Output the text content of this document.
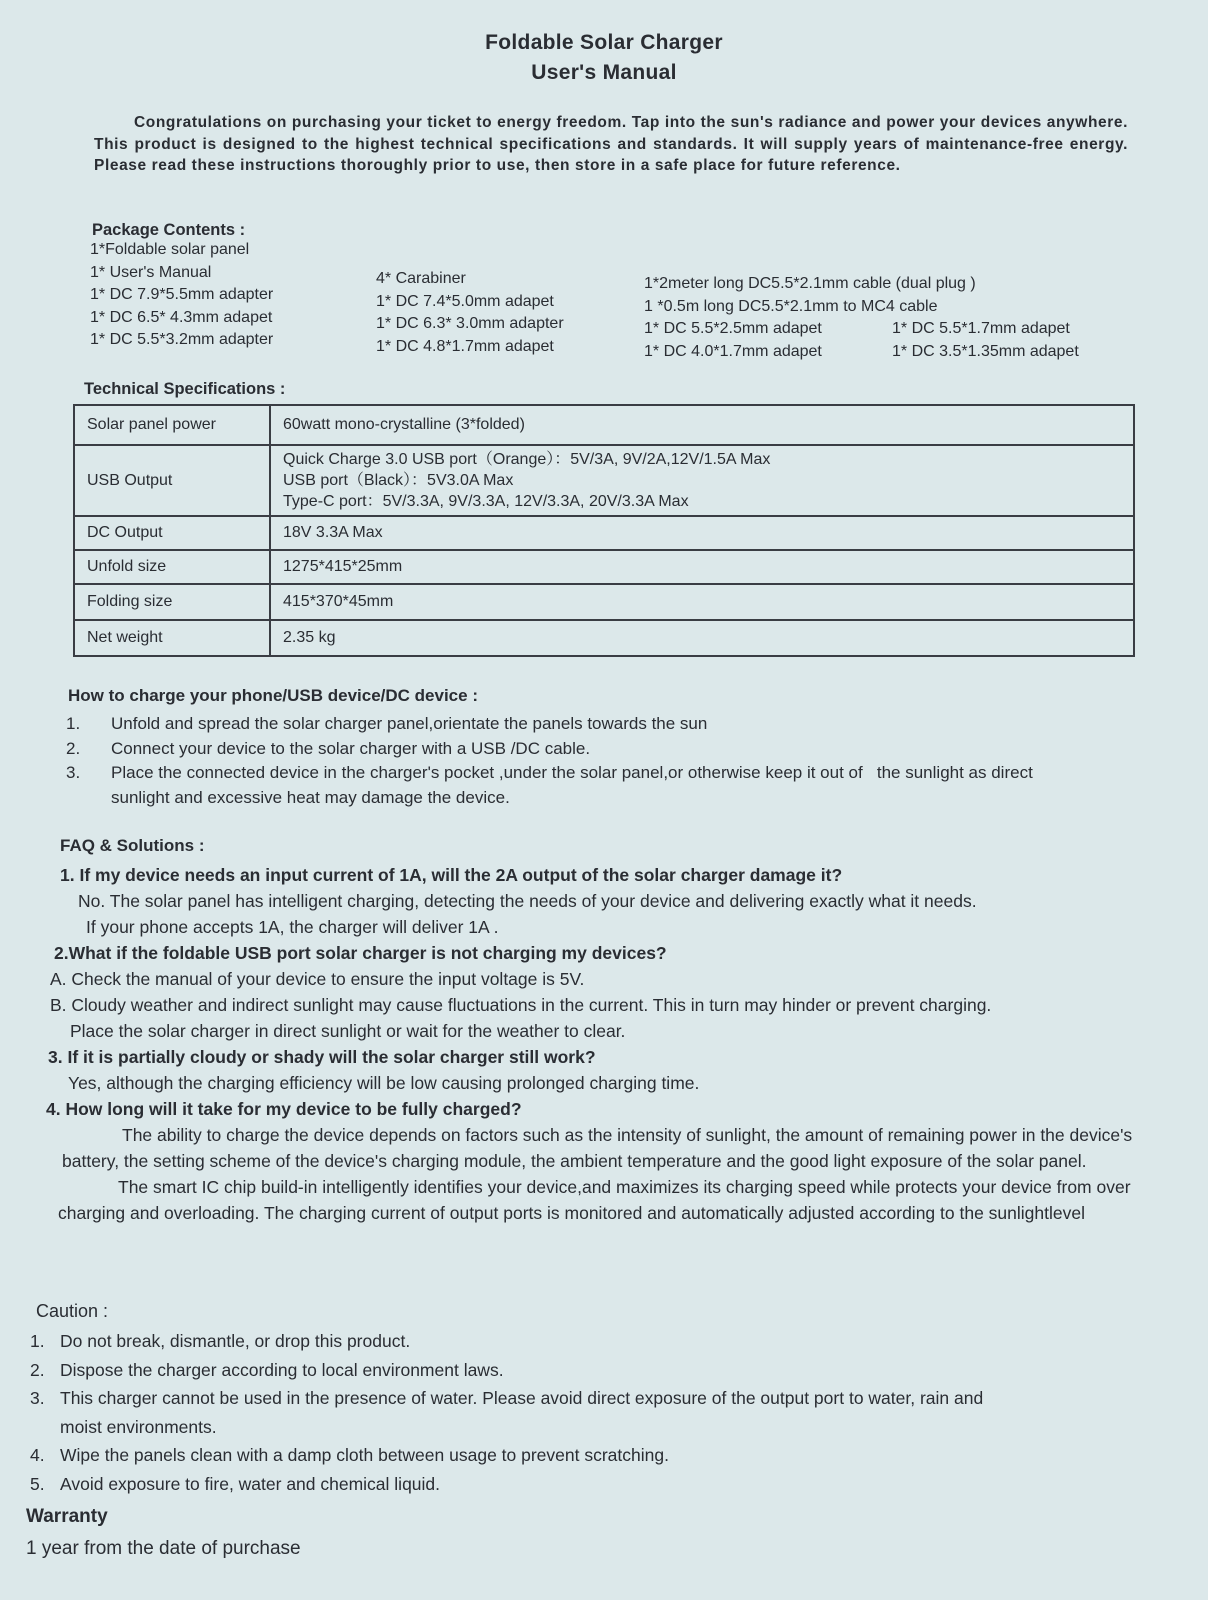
Foldable Solar Charger
User's Manual
Congratulations on purchasing your ticket to energy freedom. Tap into the sun's radiance and power your devices anywhere. This product is designed to the highest technical specifications and standards. It will supply years of maintenance-free energy. Please read these instructions thoroughly prior to use, then store in a safe place for future reference.
Package Contents :
1*Foldable solar panel
1* User's Manual
1* DC 7.9*5.5mm adapter
1* DC 6.5* 4.3mm adapet
1* DC 5.5*3.2mm adapter
4* Carabiner
1* DC 7.4*5.0mm adapet
1* DC 6.3* 3.0mm adapter
1* DC 4.8*1.7mm adapet
1*2meter long DC5.5*2.1mm cable (dual plug )
1 *0.5m long DC5.5*2.1mm to MC4 cable
1* DC 5.5*2.5mm adapet
1* DC 4.0*1.7mm adapet
1* DC 5.5*1.7mm adapet
1* DC 3.5*1.35mm adapet
Technical Specifications :
Solar panel power	60watt mono-crystalline (3*folded)

USB Output	Quick Charge 3.0 USB port（Orange）：5V/3A, 9V/2A,12V/1.5A Max
USB port（Black）：5V3.0A Max
Type-C port：5V/3.3A, 9V/3.3A, 12V/3.3A, 20V/3.3A Max

DC Output	18V 3.3A Max

Unfold size	1275*415*25mm

Folding size	415*370*45mm

Net weight	2.35 kg
How to charge your phone/USB device/DC device :
1.	Unfold and spread the solar charger panel,orientate the panels towards the sun
2.	Connect your device to the solar charger with a USB /DC cable.
3.	Place the connected device in the charger's pocket ,under the solar panel,or otherwise keep it out of   the sunlight as direct
sunlight and excessive heat may damage the device.
FAQ & Solutions :
1. If my device needs an input current of 1A, will the 2A output of the solar charger damage it?
No. The solar panel has intelligent charging, detecting the needs of your device and delivering exactly what it needs.
If your phone accepts 1A, the charger will deliver 1A .
2.What if the foldable USB port solar charger is not charging my devices?
A. Check the manual of your device to ensure the input voltage is 5V.
B. Cloudy weather and indirect sunlight may cause fluctuations in the current. This in turn may hinder or prevent charging.
Place the solar charger in direct sunlight or wait for the weather to clear.
3. If it is partially cloudy or shady will the solar charger still work?
Yes, although the charging efficiency will be low causing prolonged charging time.
4. How long will it take for my device to be fully charged?
The ability to charge the device depends on factors such as the intensity of sunlight, the amount of remaining power in the device's battery, the setting scheme of the device's charging module, the ambient temperature and the good light exposure of the solar panel.
The smart IC chip build-in intelligently identifies your device,and maximizes its charging speed while protects your device from over charging and overloading. The charging current of output ports is monitored and automatically adjusted according to the sunlightlevel
Caution :
1. Do not break, dismantle, or drop this product.
2. Dispose the charger according to local environment laws.
3. This charger cannot be used in the presence of water. Please avoid direct exposure of the output port to water, rain and
moist environments.
4. Wipe the panels clean with a damp cloth between usage to prevent scratching.
5. Avoid exposure to fire, water and chemical liquid.
Warranty
1 year from the date of purchase
